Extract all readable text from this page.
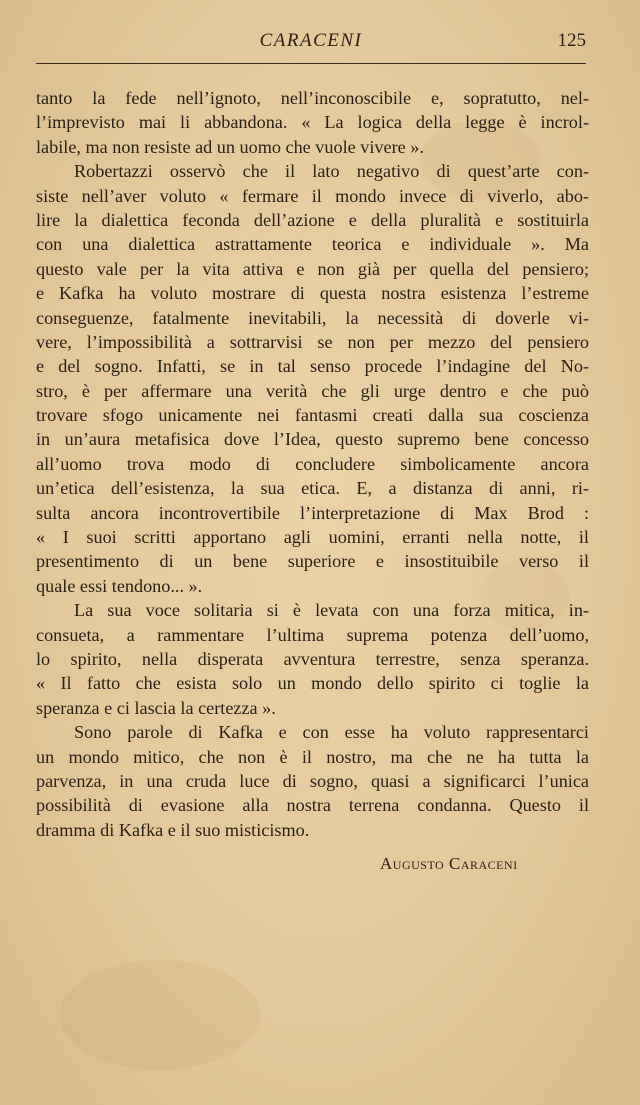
CARACENI	125
tanto la fede nell’ignoto, nell’inconoscibile e, sopratutto, nel-
l’imprevisto mai li abbandona. « La logica della legge è incrol-
labile, ma non resiste ad un uomo che vuole vivere ».
Robertazzi osservò che il lato negativo di quest’arte con-
siste nell’aver voluto « fermare il mondo invece di viverlo, abo-
lire la dialettica feconda dell’azione e della pluralità e sostituirla
con una dialettica astrattamente teorica e individuale ». Ma
questo vale per la vita attiva e non già per quella del pensiero;
e Kafka ha voluto mostrare di questa nostra esistenza l’estreme
conseguenze, fatalmente inevitabili, la necessità di doverle vi-
vere, l’impossibilità a sottrarvisi se non per mezzo del pensiero
e del sogno. Infatti, se in tal senso procede l’indagine del No-
stro, è per affermare una verità che gli urge dentro e che può
trovare sfogo unicamente nei fantasmi creati dalla sua coscienza
in un’aura metafisica dove l’Idea, questo supremo bene concesso
all’uomo trova modo di concludere simbolicamente ancora
un’etica dell’esistenza, la sua etica. E, a distanza di anni, ri-
sulta ancora incontrovertibile l’interpretazione di Max Brod :
« I suoi scritti apportano agli uomini, erranti nella notte, il
presentimento di un bene superiore e insostituibile verso il
quale essi tendono... ».
La sua voce solitaria si è levata con una forza mitica, in-
consueta, a rammentare l’ultima suprema potenza dell’uomo,
lo spirito, nella disperata avventura terrestre, senza speranza.
« Il fatto che esista solo un mondo dello spirito ci toglie la
speranza e ci lascia la certezza ».
Sono parole di Kafka e con esse ha voluto rappresentarci
un mondo mitico, che non è il nostro, ma che ne ha tutta la
parvenza, in una cruda luce di sogno, quasi a significarci l’unica
possibilità di evasione alla nostra terrena condanna. Questo il
dramma di Kafka e il suo misticismo.
Augusto Caraceni
